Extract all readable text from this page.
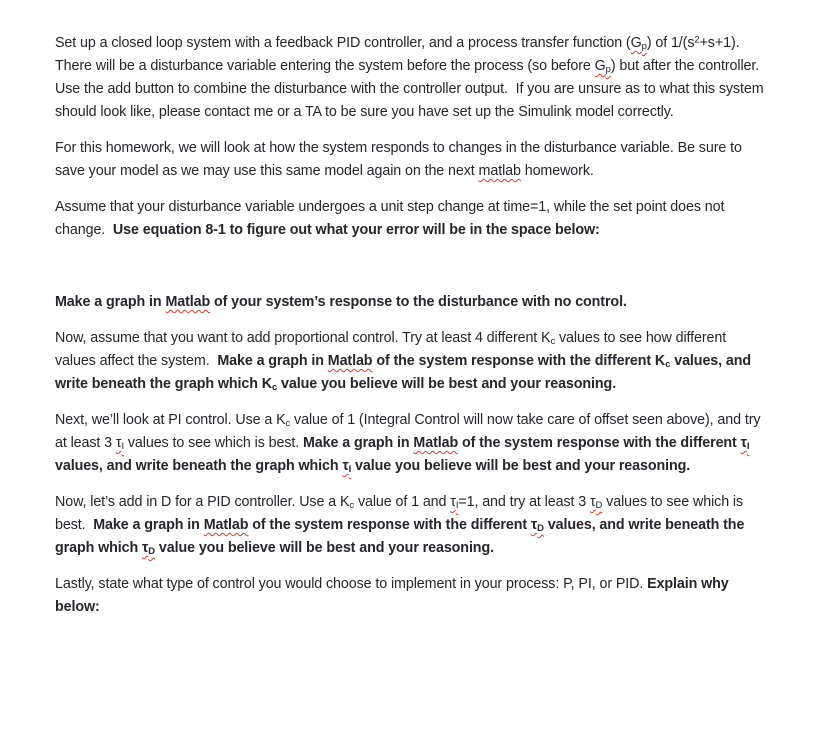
Set up a closed loop system with a feedback PID controller, and a process transfer function $(G_p)$ of $1/(s^2+s+1)$. There will be a disturbance variable entering the system before the process (so before $G_p$) but after the controller. Use the add button to combine the disturbance with the controller output.  If you are unsure as to what this system should look like, please contact me or a TA to be sure you have set up the Simulink model correctly.

For this homework, we will look at how the system responds to changes in the disturbance variable. Be sure to save your model as we may use this same model again on the next matlab homework.

Assume that your disturbance variable undergoes a unit step change at time=1, while the set point does not change.  Use equation 8-1 to figure out what your error will be in the space below:

Make a graph in Matlab of your system’s response to the disturbance with no control.

Now, assume that you want to add proportional control. Try at least 4 different $K_c$ values to see how different values affect the system.  Make a graph in Matlab of the system response with the different $K_c$ values, and write beneath the graph which $K_c$ value you believe will be best and your reasoning.

Next, we’ll look at PI control. Use a $K_c$ value of 1 (Integral Control will now take care of offset seen above), and try at least 3 $\tau_I$ values to see which is best. Make a graph in Matlab of the system response with the different $\tau_I$ values, and write beneath the graph which $\tau_I$ value you believe will be best and your reasoning.

Now, let’s add in D for a PID controller. Use a $K_c$ value of 1 and $\tau_I=1$, and try at least 3 $\tau_D$ values to see which is best.  Make a graph in Matlab of the system response with the different $\tau_D$ values, and write beneath the graph which $\tau_D$ value you believe will be best and your reasoning.

Lastly, state what type of control you would choose to implement in your process: P, PI, or PID. Explain why below:
